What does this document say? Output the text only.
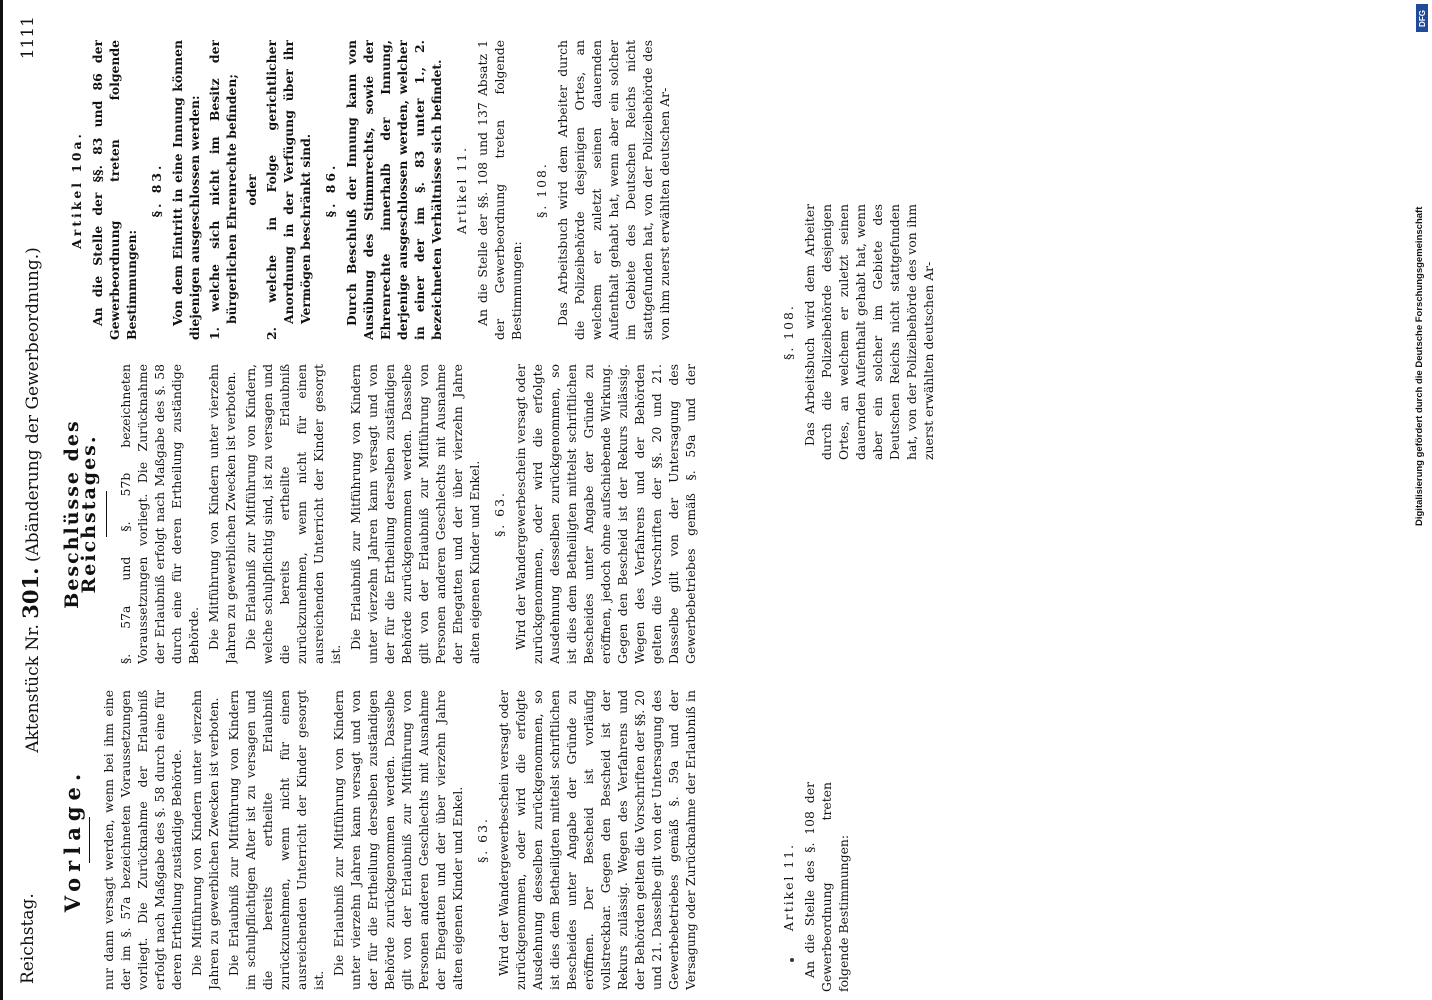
Reichstag.
Aktenstück Nr. 301. (Abänderung der Gewerbeordnung.)
1111
Vorlage. nur dann versagt werden, wenn bei ihm eine der im §. 57a bezeichneten Voraussetzungen vorliegt. Die Zurücknahme der Erlaubniß erfolgt nach Maßgabe des §. 58 durch eine für deren Ertheilung zuständige Behörde. Die Mitführung von Kindern unter vierzehn Jahren zu gewerblichen Zwecken ist verboten. Die Erlaubniß zur Mitführung von Kindern im schulpflichtigen Alter ist zu versagen und die bereits ertheilte Erlaubniß zurückzunehmen, wenn nicht für einen ausreichenden Unterricht der Kinder gesorgt ist.

Die Erlaubniß zur Mitführung von Kindern unter vierzehn Jahren kann versagt und von der für die Ertheilung derselben zuständigen Behörde zurückgenommen werden. Dasselbe gilt von der Erlaubniß zur Mitführung von Personen anderen Geschlechts mit Ausnahme der Ehegatten und der über vierzehn Jahre alten eigenen Kinder und Enkel. §. 63.

Wird der Wandergewerbeschein versagt oder zurückgenommen, oder wird die erfolgte Ausdehnung desselben zurückgenommen, so ist dies dem Betheiligten mittelst schriftlichen Bescheides unter Angabe der Gründe zu eröffnen. Der Bescheid ist vorläufig vollstreckbar. Gegen den Bescheid ist der Rekurs zulässig. Wegen des Verfahrens und der Behörden gelten die Vorschriften der §§. 20 und 21. Dasselbe gilt von der Untersagung des Gewerbebetriebes gemäß §. 59a und der Versagung oder Zurücknahme der Erlaubniß in

Beschlüsse des Reichstages. §. 57a und §. 57b bezeichneten Voraussetzungen vorliegt. Die Zurücknahme der Erlaubniß erfolgt nach Maßgabe des §. 58 durch eine für deren Ertheilung zuständige Behörde. Die Mitführung von Kindern unter vierzehn Jahren zu gewerblichen Zwecken ist verboten. Die Erlaubniß zur Mitführung von Kindern, welche schulpflichtig sind, ist zu versagen und die bereits ertheilte Erlaubniß zurückzunehmen, wenn nicht für einen ausreichenden Unterricht der Kinder gesorgt ist.

Die Erlaubniß zur Mitführung von Kindern unter vierzehn Jahren kann versagt und von der für die Ertheilung derselben zuständigen Behörde zurückgenommen werden. Dasselbe gilt von der Erlaubniß zur Mitführung von Personen anderen Geschlechts mit Ausnahme der Ehegatten und der über vierzehn Jahre alten eigenen Kinder und Enkel. §. 63.

Wird der Wandergewerbeschein versagt oder zurückgenommen, oder wird die erfolgte Ausdehnung desselben zurückgenommen, so ist dies dem Betheiligten mittelst schriftlichen Bescheides unter Angabe der Gründe zu eröffnen, jedoch ohne aufschiebende Wirkung. Gegen den Bescheid ist der Rekurs zulässig. Wegen des Verfahrens und der Behörden gelten die Vorschriften der §§. 20 und 21. Dasselbe gilt von der Untersagung des Gewerbebetriebes gemäß §. 59a und der

Artikel 10a. An die Stelle der §§. 83 und 86 der Gewerbeordnung treten folgende Bestimmungen:

§. 83. Von dem Eintritt in eine Innung können diejenigen ausgeschlossen werden: 1. welche sich nicht im Besitz der bürgerlichen Ehrenrechte befinden; oder 2. welche in Folge gerichtlicher Anordnung in der Verfügung über ihr Vermögen beschränkt sind. §. 86. Durch Beschluß der Innung kann von Ausübung des Stimmrechts, sowie der Ehrenrechte innerhalb der Innung, derjenige ausgeschlossen werden, welcher in einer der im §. 83 unter 1., 2. bezeichneten Verhältnisse sich befindet. Artikel 11. An die Stelle der §§. 108 und 137 Absatz 1 der Gewerbeordnung treten folgende Bestimmungen:

§. 108. Das Arbeitsbuch wird dem Arbeiter durch die Polizeibehörde desjenigen Ortes, an welchem er zuletzt seinen dauernden Aufenthalt gehabt hat, wenn aber ein solcher im Gebiete des Deutschen Reichs nicht stattgefunden hat, von der Polizeibehörde des von ihm zuerst erwählten deutschen Ar-

Artikel 11. An die Stelle des §. 108 der Gewerbeordnung treten folgende Bestimmungen:

§. 108. Das Arbeitsbuch wird dem Arbeiter durch die Polizeibehörde desjenigen Ortes, an welchem er zuletzt seinen dauernden Aufenthalt gehabt hat, wenn aber ein solcher im Gebiete des Deutschen Reichs nicht stattgefunden hat, von der Polizeibehörde des von ihm zuerst erwählten deutschen Ar-

DFG
Digitalisierung gefördert durch die Deutsche Forschungsgemeinschaft
